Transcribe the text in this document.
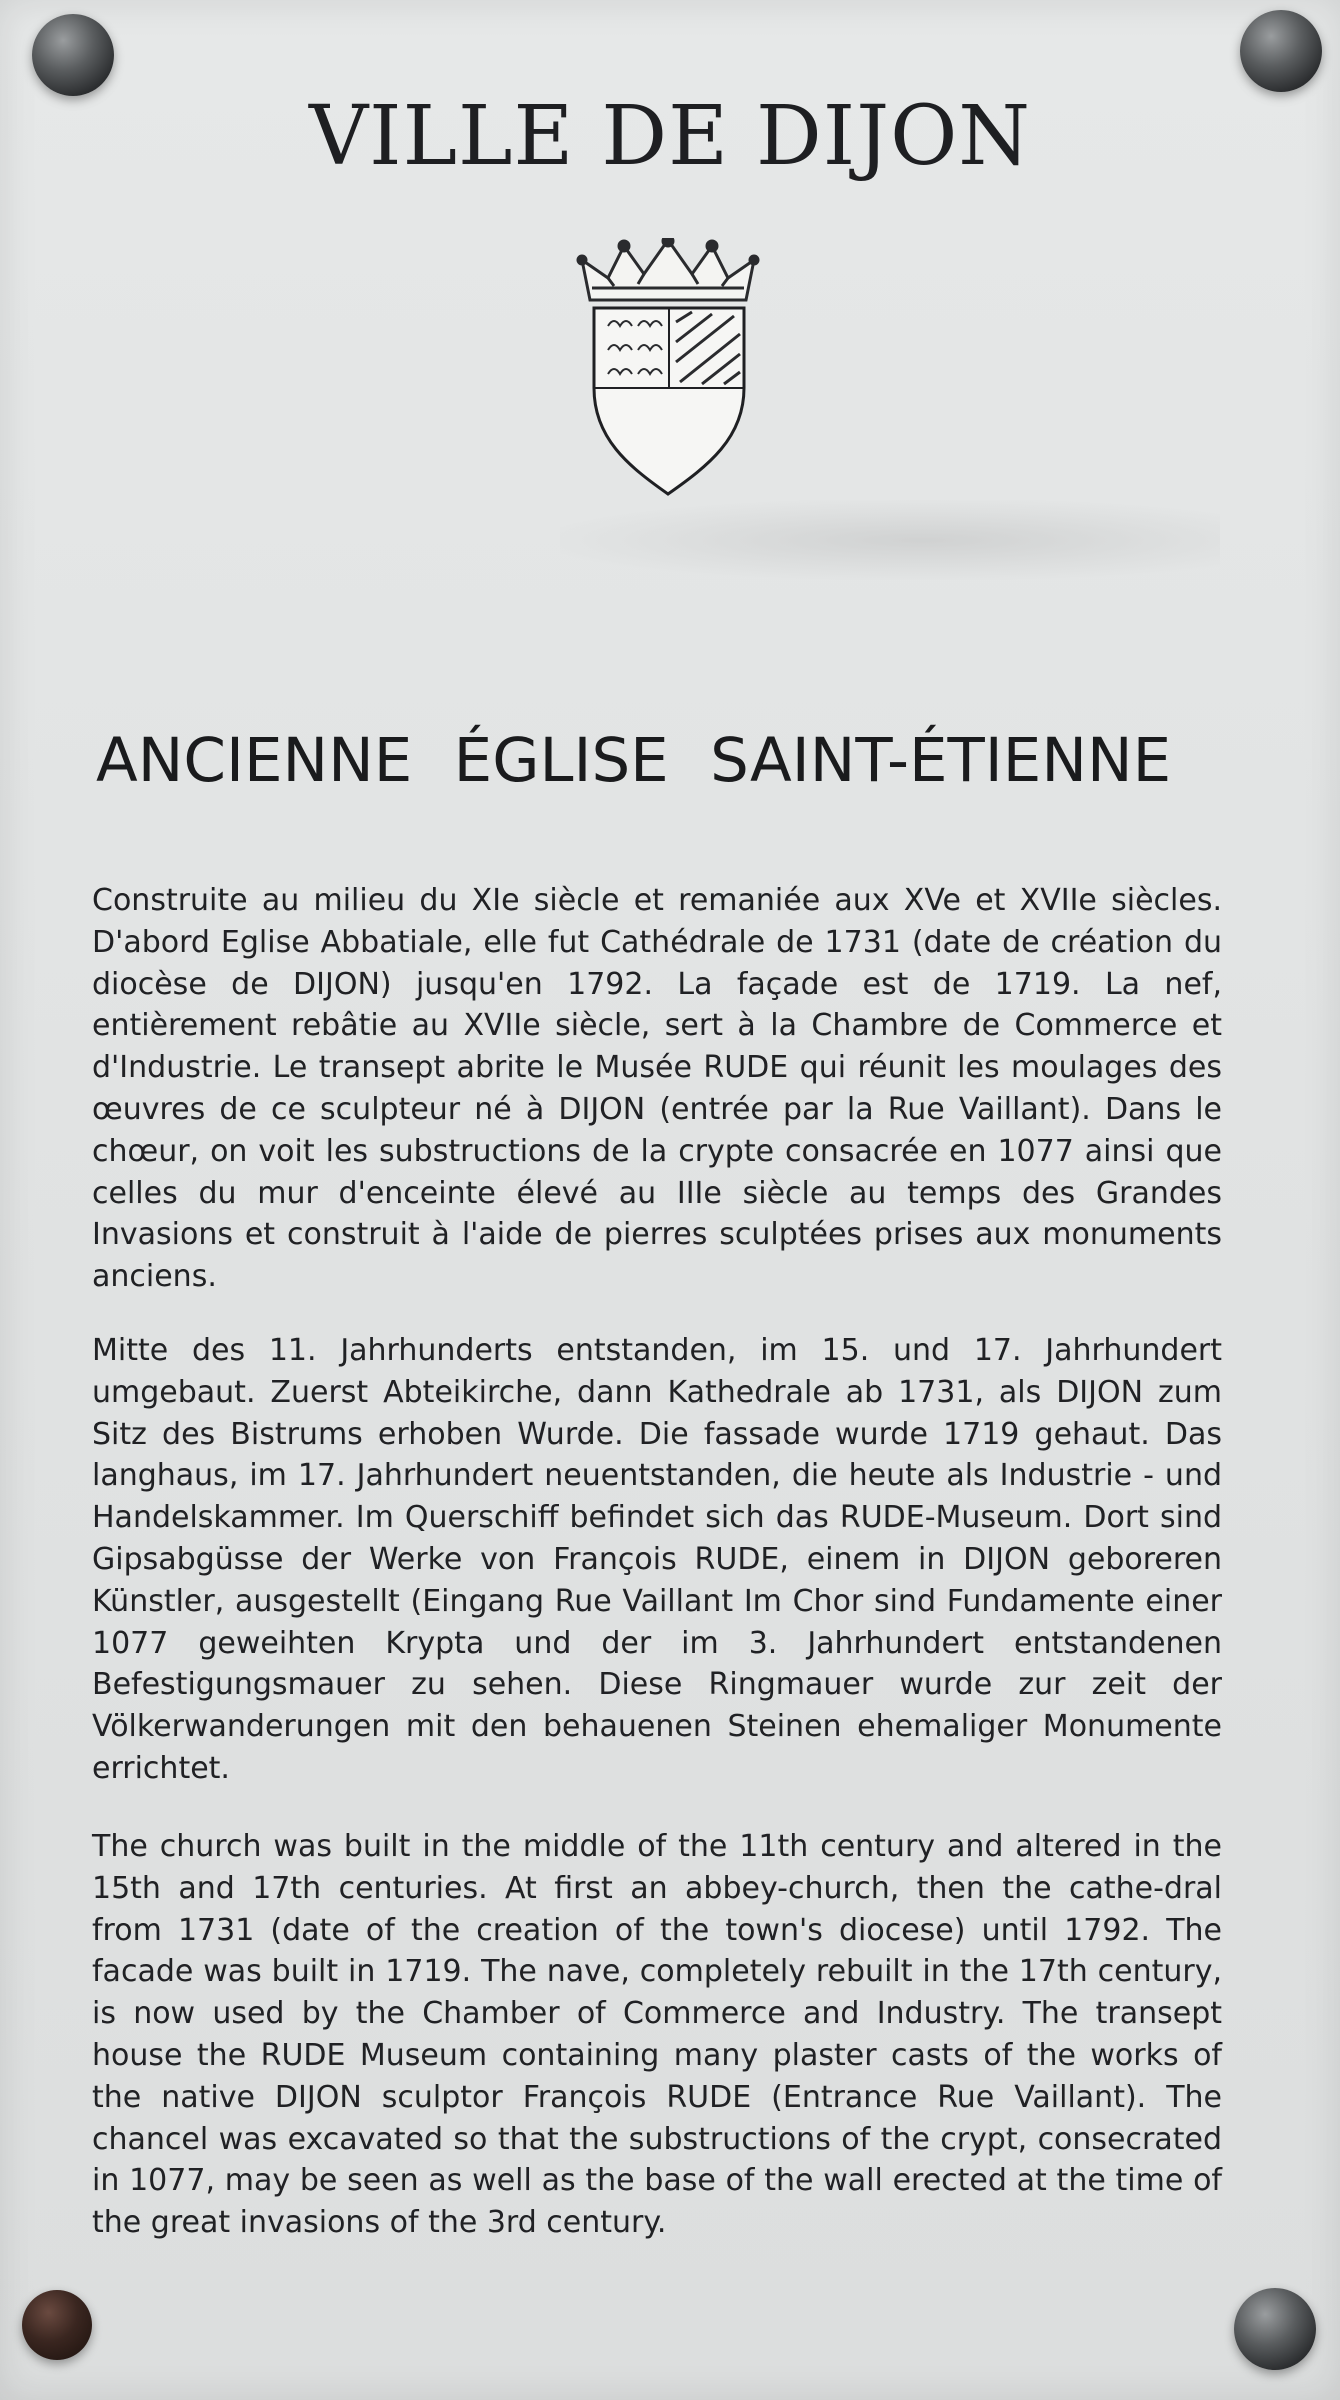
VILLE DE DIJON
ANCIENNE ÉGLISE SAINT-ÉTIENNE

Construite au milieu du XIe siècle et remaniée aux XVe et XVIIe siècles. D'abord Eglise Abbatiale, elle fut Cathédrale de 1731 (date de création du diocèse de DIJON) jusqu'en 1792. La façade est de 1719. La nef, entièrement rebâtie au XVIIe siècle, sert à la Chambre de Commerce et d'Industrie. Le transept abrite le Musée RUDE qui réunit les moulages des œuvres de ce sculpteur né à DIJON (entrée par la Rue Vaillant). Dans le chœur, on voit les substructions de la crypte consacrée en 1077 ainsi que celles du mur d'enceinte élevé au IIIe siècle au temps des Grandes Invasions et construit à l'aide de pierres sculptées prises aux monuments anciens.

Mitte des 11. Jahrhunderts entstanden, im 15. und 17. Jahrhundert umgebaut. Zuerst Abteikirche, dann Kathedrale ab 1731, als DIJON zum Sitz des Bistrums erhoben Wurde. Die fassade wurde 1719 gehaut. Das langhaus, im 17. Jahrhundert neuentstanden, die heute als Industrie - und Handelskammer. Im Querschiff befindet sich das RUDE-Museum. Dort sind Gipsabgüsse der Werke von François RUDE, einem in DIJON geboreren Künstler, ausgestellt (Eingang Rue Vaillant Im Chor sind Fundamente einer 1077 geweihten Krypta und der im 3. Jahrhundert entstandenen Befestigungsmauer zu sehen. Diese Ringmauer wurde zur zeit der Völkerwanderungen mit den behauenen Steinen ehemaliger Monumente errichtet.

The church was built in the middle of the 11th century and altered in the 15th and 17th centuries. At first an abbey-church, then the cathe-dral from 1731 (date of the creation of the town's diocese) until 1792. The facade was built in 1719. The nave, completely rebuilt in the 17th century, is now used by the Chamber of Commerce and Industry. The transept house the RUDE Museum containing many plaster casts of the works of the native DIJON sculptor François RUDE (Entrance Rue Vaillant). The chancel was excavated so that the substructions of the crypt, consecrated in 1077, may be seen as well as the base of the wall erected at the time of the great invasions of the 3rd century.
